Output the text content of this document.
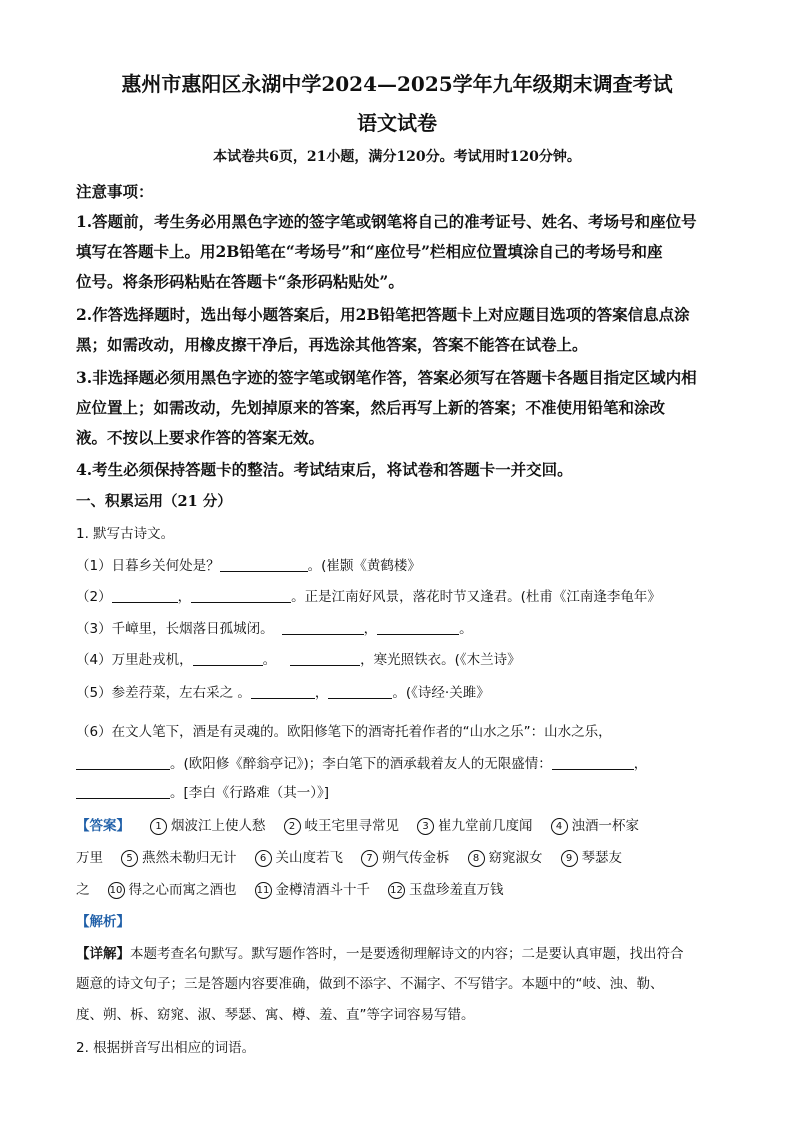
惠州市惠阳区永湖中学2024—2025学年九年级期末调查考试
语文试卷
本试卷共6页，21小题，满分120分。考试用时120分钟。
注意事项：
1.答题前，考生务必用黑色字迹的签字笔或钢笔将自己的准考证号、姓名、考场号和座位号
填写在答题卡上。用2B铅笔在“考场号”和“座位号”栏相应位置填涂自己的考场号和座
位号。将条形码粘贴在答题卡“条形码粘贴处”。
2.作答选择题时，选出每小题答案后，用2B铅笔把答题卡上对应题目选项的答案信息点涂
黑；如需改动，用橡皮擦干净后，再选涂其他答案，答案不能答在试卷上。
3.非选择题必须用黑色字迹的签字笔或钢笔作答，答案必须写在答题卡各题目指定区域内相
应位置上；如需改动，先划掉原来的答案，然后再写上新的答案；不准使用铅笔和涂改
液。不按以上要求作答的答案无效。
4.考生必须保持答题卡的整洁。考试结束后，将试卷和答题卡一并交回。
一、积累运用（21 分）
1. 默写古诗文。
（1）日暮乡关何处是？	。(崔颢《黄鹤楼》
（2）	，	。正是江南好风景，落花时节又逢君。(杜甫《江南逢李龟年》
（3）千嶂里，长烟落日孤城闭。	，	。
（4）万里赴戎机，	。	，寒光照铁衣。(《木兰诗》
（5）参差荇菜，左右采之 。	，	。(《诗经·关雎》
（6）在文人笔下，酒是有灵魂的。欧阳修笔下的酒寄托着作者的“山水之乐”：山水之乐，
。(欧阳修《醉翁亭记》)；李白笔下的酒承载着友人的无限盛情：	，
。[李白《行路难（其一）》]
【答案】	1 烟波江上使人愁 2 岐王宅里寻常见 3 崔九堂前几度闻 4 浊酒一杯家
万里 5 燕然未勒归无计 6 关山度若飞 7 朔气传金柝 8 窈窕淑女 9 琴瑟友
之 10 得之心而寓之酒也 11 金樽清酒斗十千 12 玉盘珍羞直万钱
【解析】
【详解】本题考查名句默写。默写题作答时，一是要透彻理解诗文的内容；二是要认真审题，找出符合
题意的诗文句子；三是答题内容要准确，做到不添字、不漏字、不写错字。本题中的“岐、浊、勒、
度、朔、柝、窈窕、淑、琴瑟、寓、樽、羞、直”等字词容易写错。
2. 根据拼音写出相应的词语。
